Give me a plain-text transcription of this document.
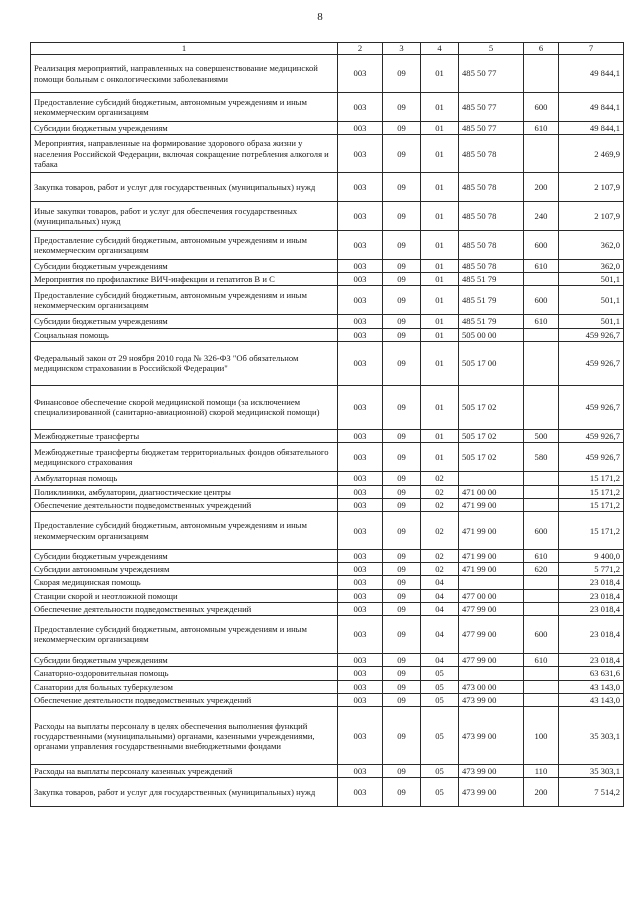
8
1	2	3	4	5	6	7
Реализация мероприятий, направленных на совершенствование медицинской помощи больным с онкологическими заболеваниями	003	09	01	485 50 77		49 844,1
Предоставление субсидий бюджетным, автономным учреждениям и иным некоммерческим организациям	003	09	01	485 50 77	600	49 844,1
Субсидии бюджетным учреждениям	003	09	01	485 50 77	610	49 844,1
Мероприятия, направленные на формирование здорового образа жизни у населения Российской Федерации, включая сокращение потребления алкоголя и табака	003	09	01	485 50 78		2 469,9
Закупка товаров, работ и услуг для государственных (муниципальных) нужд	003	09	01	485 50 78	200	2 107,9
Иные закупки товаров, работ и услуг для обеспечения государственных (муниципальных) нужд	003	09	01	485 50 78	240	2 107,9
Предоставление субсидий бюджетным, автономным учреждениям и иным некоммерческим организациям	003	09	01	485 50 78	600	362,0
Субсидии бюджетным учреждениям	003	09	01	485 50 78	610	362,0
Мероприятия по профилактике ВИЧ-инфекции и гепатитов В и С	003	09	01	485 51 79		501,1
Предоставление субсидий бюджетным, автономным учреждениям и иным некоммерческим организациям	003	09	01	485 51 79	600	501,1
Субсидии бюджетным учреждениям	003	09	01	485 51 79	610	501,1
Социальная помощь	003	09	01	505 00 00		459 926,7
Федеральный закон от 29 ноября 2010 года № 326-ФЗ "Об обязательном медицинском страховании в Российской Федерации"	003	09	01	505 17 00		459 926,7
Финансовое обеспечение скорой медицинской помощи (за исключением специализированной (санитарно-авиационной) скорой медицинской помощи)	003	09	01	505 17 02		459 926,7
Межбюджетные трансферты	003	09	01	505 17 02	500	459 926,7
Межбюджетные трансферты бюджетам территориальных фондов обязательного медицинского страхования	003	09	01	505 17 02	580	459 926,7
Амбулаторная помощь	003	09	02			15 171,2
Поликлиники, амбулатории, диагностические центры	003	09	02	471 00 00		15 171,2
Обеспечение деятельности подведомственных учреждений	003	09	02	471 99 00		15 171,2
Предоставление субсидий бюджетным, автономным учреждениям и иным некоммерческим организациям	003	09	02	471 99 00	600	15 171,2
Субсидии бюджетным учреждениям	003	09	02	471 99 00	610	9 400,0
Субсидии автономным учреждениям	003	09	02	471 99 00	620	5 771,2
Скорая медицинская помощь	003	09	04			23 018,4
Станции скорой и неотложной помощи	003	09	04	477 00 00		23 018,4
Обеспечение деятельности подведомственных учреждений	003	09	04	477 99 00		23 018,4
Предоставление субсидий бюджетным, автономным учреждениям и иным некоммерческим организациям	003	09	04	477 99 00	600	23 018,4
Субсидии бюджетным учреждениям	003	09	04	477 99 00	610	23 018,4
Санаторно-оздоровительная помощь	003	09	05			63 631,6
Санатории для больных туберкулезом	003	09	05	473 00 00		43 143,0
Обеспечение деятельности подведомственных учреждений	003	09	05	473 99 00		43 143,0
Расходы на выплаты персоналу в целях обеспечения выполнения функций государственными (муниципальными) органами, казенными учреждениями, органами управления государственными внебюджетными фондами	003	09	05	473 99 00	100	35 303,1
Расходы на выплаты персоналу казенных учреждений	003	09	05	473 99 00	110	35 303,1
Закупка товаров, работ и услуг для государственных (муниципальных) нужд	003	09	05	473 99 00	200	7 514,2
